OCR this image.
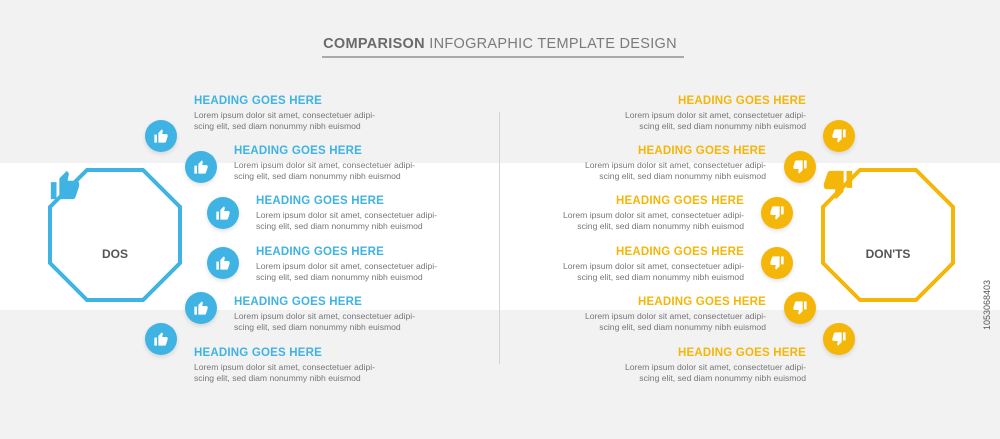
COMPARISON INFOGRAPHIC TEMPLATE DESIGN
DOS	DON'TS
HEADING GOES HERE
Lorem ipsum dolor sit amet, consectetuer adipi-
scing elit, sed diam nonummy nibh euismod
HEADING GOES HERE
Lorem ipsum dolor sit amet, consectetuer adipi-
scing elit, sed diam nonummy nibh euismod
HEADING GOES HERE
Lorem ipsum dolor sit amet, consectetuer adipi-
scing elit, sed diam nonummy nibh euismod
HEADING GOES HERE
Lorem ipsum dolor sit amet, consectetuer adipi-
scing elit, sed diam nonummy nibh euismod
HEADING GOES HERE
Lorem ipsum dolor sit amet, consectetuer adipi-
scing elit, sed diam nonummy nibh euismod
HEADING GOES HERE
Lorem ipsum dolor sit amet, consectetuer adipi-
scing elit, sed diam nonummy nibh euismod
HEADING GOES HERE
Lorem ipsum dolor sit amet, consectetuer adipi-
scing elit, sed diam nonummy nibh euismod
HEADING GOES HERE
Lorem ipsum dolor sit amet, consectetuer adipi-
scing elit, sed diam nonummy nibh euismod
HEADING GOES HERE
Lorem ipsum dolor sit amet, consectetuer adipi-
scing elit, sed diam nonummy nibh euismod
HEADING GOES HERE
Lorem ipsum dolor sit amet, consectetuer adipi-
scing elit, sed diam nonummy nibh euismod
HEADING GOES HERE
Lorem ipsum dolor sit amet, consectetuer adipi-
scing elit, sed diam nonummy nibh euismod
HEADING GOES HERE
Lorem ipsum dolor sit amet, consectetuer adipi-
scing elit, sed diam nonummy nibh euismod
1053068403
